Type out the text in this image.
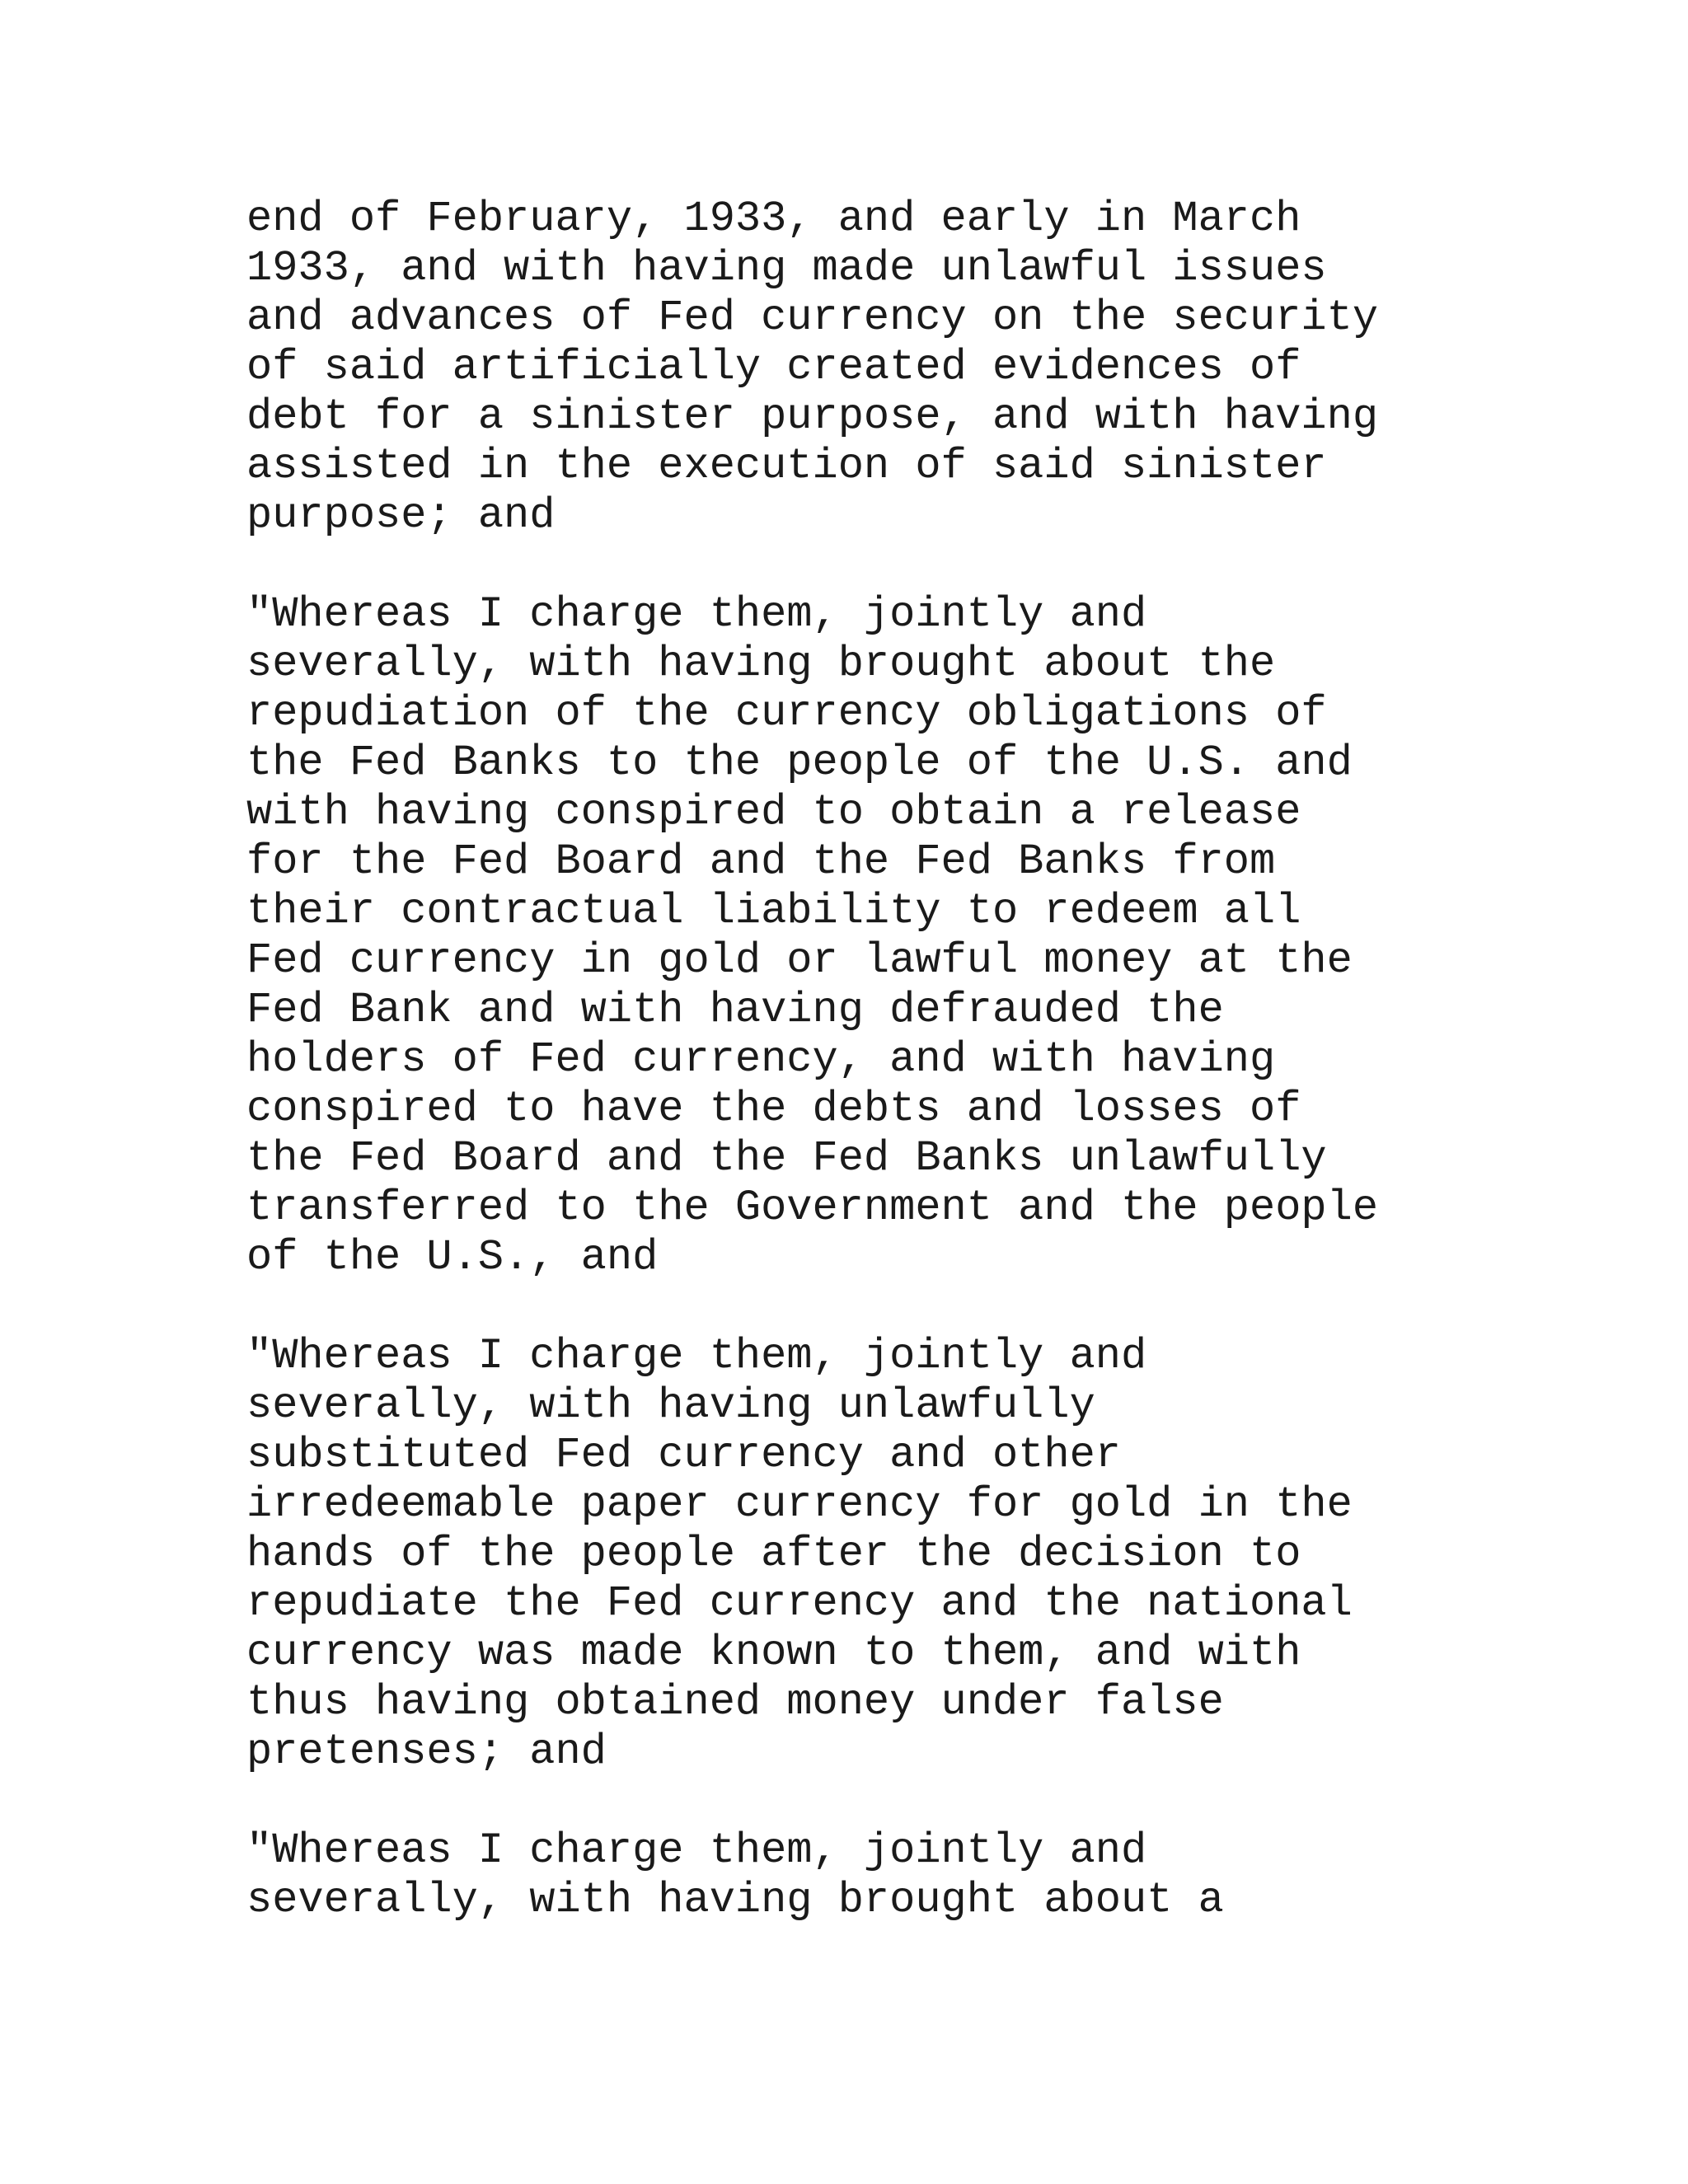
end of February, 1933, and early in March
1933, and with having made unlawful issues
and advances of Fed currency on the security
of said artificially created evidences of
debt for a sinister purpose, and with having
assisted in the execution of said sinister
purpose; and

"Whereas I charge them, jointly and
severally, with having brought about the
repudiation of the currency obligations of
the Fed Banks to the people of the U.S. and
with having conspired to obtain a release
for the Fed Board and the Fed Banks from
their contractual liability to redeem all
Fed currency in gold or lawful money at the
Fed Bank and with having defrauded the
holders of Fed currency, and with having
conspired to have the debts and losses of
the Fed Board and the Fed Banks unlawfully
transferred to the Government and the people
of the U.S., and

"Whereas I charge them, jointly and
severally, with having unlawfully
substituted Fed currency and other
irredeemable paper currency for gold in the
hands of the people after the decision to
repudiate the Fed currency and the national
currency was made known to them, and with
thus having obtained money under false
pretenses; and

"Whereas I charge them, jointly and
severally, with having brought about a
